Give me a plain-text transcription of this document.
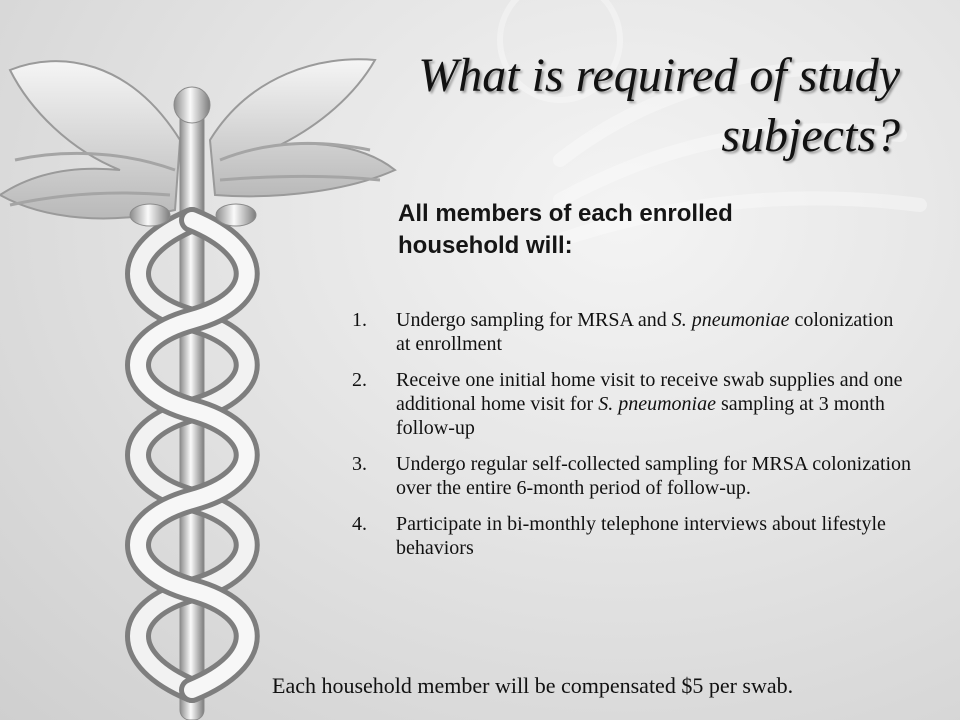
What is required of study
subjects?
All members of each enrolled household will:
1. Undergo sampling for MRSA and S. pneumoniae colonization at enrollment
2. Receive one initial home visit to receive swab supplies and one additional home visit for S. pneumoniae sampling at 3 month follow-up
3. Undergo regular self-collected sampling for MRSA colonization over the entire 6-month period of follow-up.
4. Participate in bi-monthly telephone interviews about lifestyle behaviors
Each household member will be compensated $5 per swab.
